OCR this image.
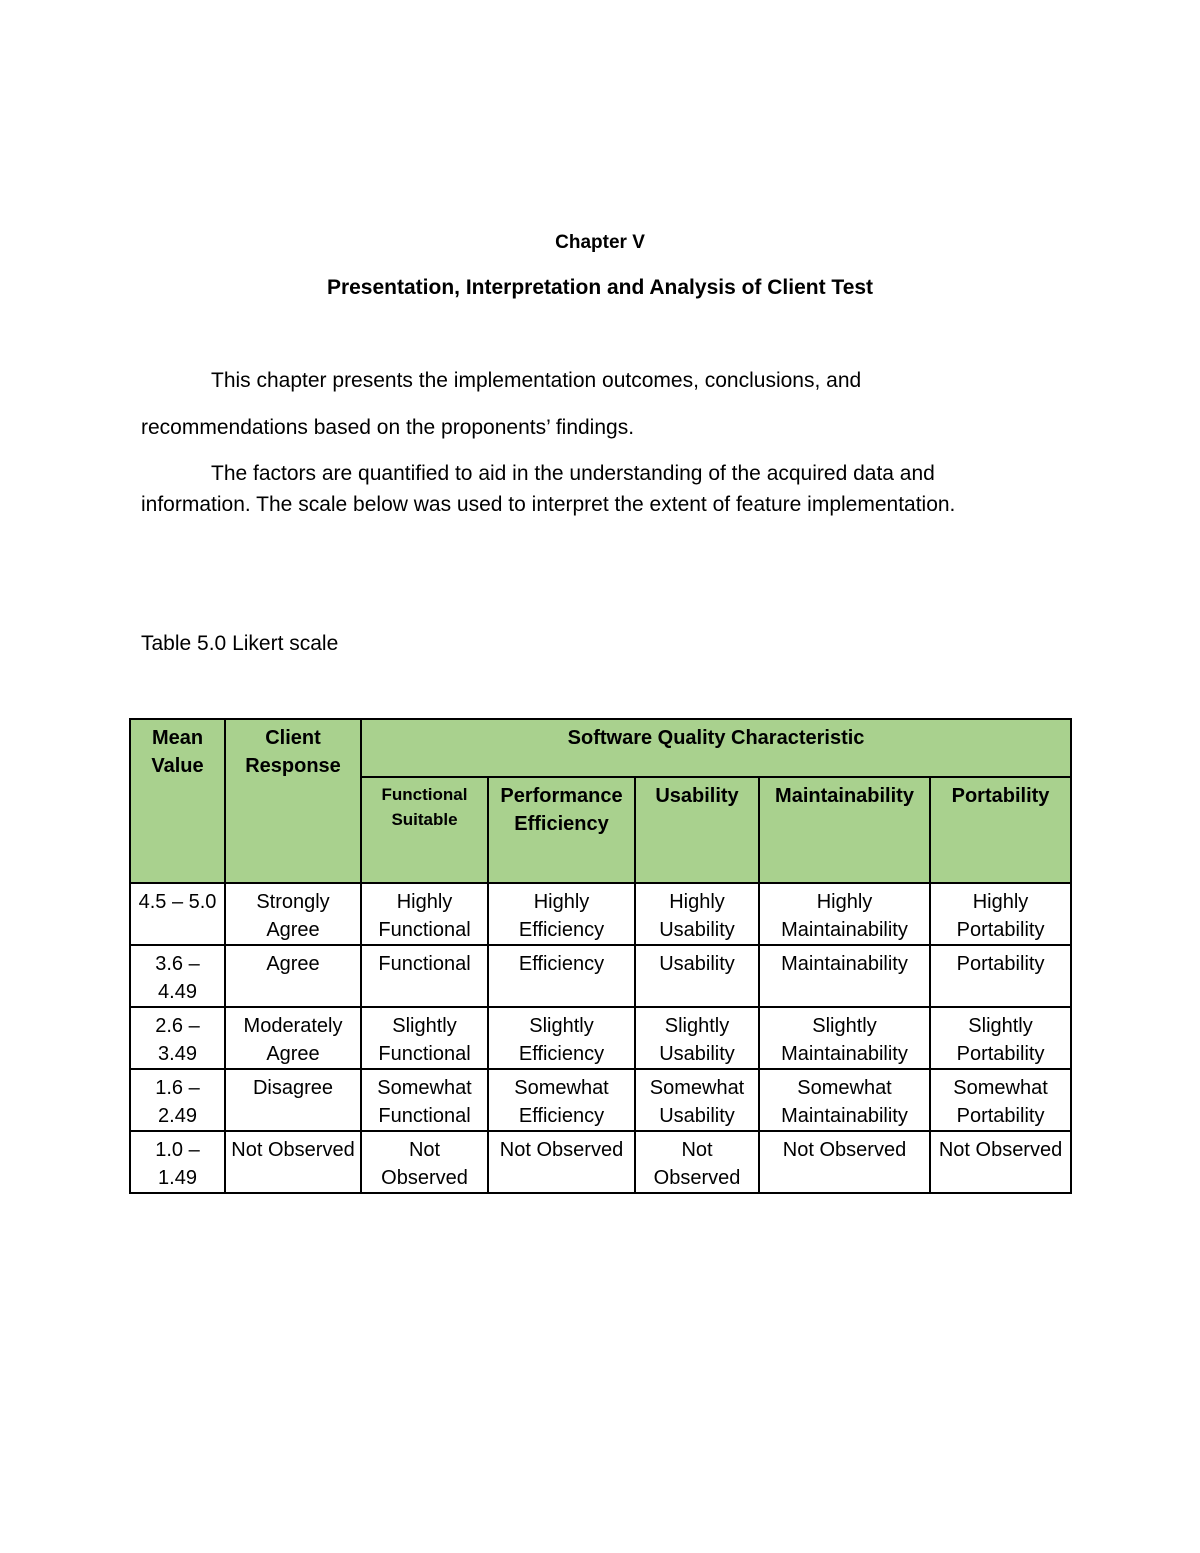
Chapter V
Presentation, Interpretation and Analysis of Client Test
This chapter presents the implementation outcomes, conclusions, and
recommendations based on the proponents’ findings.
The factors are quantified to aid in the understanding of the acquired data and
information. The scale below was used to interpret the extent of feature implementation.
Table 5.0 Likert scale
Mean Value	Client Response	Software Quality Characteristic				
		Functional Suitable	Performance Efficiency	Usability	Maintainability	Portability
4.5 – 5.0	Strongly Agree	Highly Functional	Highly Efficiency	Highly Usability	Highly Maintainability	Highly Portability
3.6 – 4.49	Agree	Functional	Efficiency	Usability	Maintainability	Portability
2.6 – 3.49	Moderately Agree	Slightly Functional	Slightly Efficiency	Slightly Usability	Slightly Maintainability	Slightly Portability
1.6 – 2.49	Disagree	Somewhat Functional	Somewhat Efficiency	Somewhat Usability	Somewhat Maintainability	Somewhat Portability
1.0 – 1.49	Not Observed	Not Observed	Not Observed	Not Observed	Not Observed	Not Observed
